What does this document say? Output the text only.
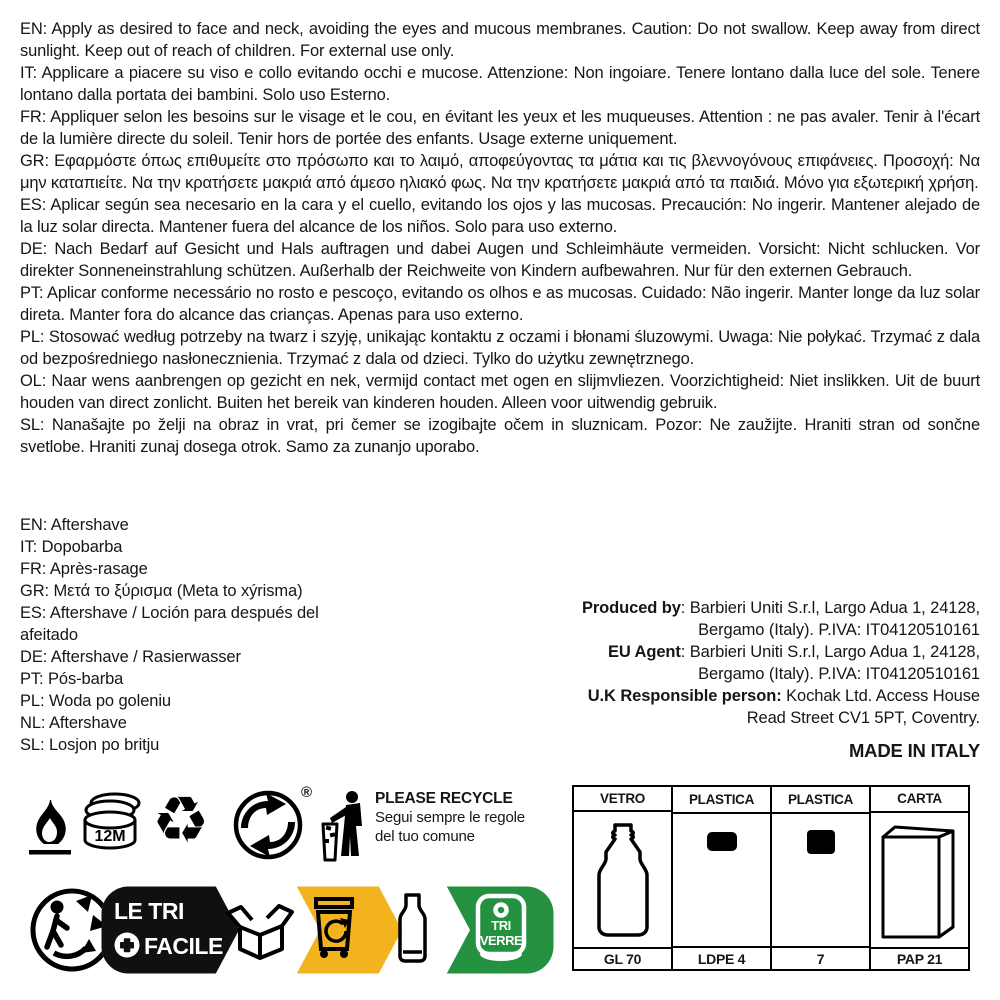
EN: Apply as desired to face and neck, avoiding the eyes and mucous membranes. Caution: Do not swallow. Keep away from direct sunlight. Keep out of reach of children. For external use only.

IT: Applicare a piacere su viso e collo evitando occhi e mucose. Attenzione: Non ingoiare. Tenere lontano dalla luce del sole. Tenere lontano dalla portata dei bambini. Solo uso Esterno.

FR: Appliquer selon les besoins sur le visage et le cou, en évitant les yeux et les muqueuses. Attention : ne pas avaler. Tenir à l'écart de la lumière directe du soleil. Tenir hors de portée des enfants. Usage externe uniquement.

GR: Εφαρμόστε όπως επιθυμείτε στο πρόσωπο και το λαιμό, αποφεύγοντας τα μάτια και τις βλεννογόνους επιφάνειες. Προσοχή: Να μην καταπιείτε. Να την κρατήσετε μακριά από άμεσο ηλιακό φως. Να την κρατήσετε μακριά από τα παιδιά. Μόνο για εξωτερική χρήση.

ES: Aplicar según sea necesario en la cara y el cuello, evitando los ojos y las mucosas. Precaución: No ingerir. Mantener alejado de la luz solar directa. Mantener fuera del alcance de los niños. Solo para uso externo.

DE: Nach Bedarf auf Gesicht und Hals auftragen und dabei Augen und Schleimhäute vermeiden. Vorsicht: Nicht schlucken. Vor direkter Sonneneinstrahlung schützen. Außerhalb der Reichweite von Kindern aufbewahren. Nur für den externen Gebrauch.

PT: Aplicar conforme necessário no rosto e pescoço, evitando os olhos e as mucosas. Cuidado: Não ingerir. Manter longe da luz solar direta. Manter fora do alcance das crianças. Apenas para uso externo.

PL: Stosować według potrzeby na twarz i szyję, unikając kontaktu z oczami i błonami śluzowymi. Uwaga: Nie połykać. Trzymać z dala od bezpośredniego nasłonecznienia. Trzymać z dala od dzieci. Tylko do użytku zewnętrznego.

OL: Naar wens aanbrengen op gezicht en nek, vermijd contact met ogen en slijmvliezen. Voorzichtigheid: Niet inslikken. Uit de buurt houden van direct zonlicht. Buiten het bereik van kinderen houden. Alleen voor uitwendig gebruik.

SL: Nanašajte po želji na obraz in vrat, pri čemer se izogibajte očem in sluznicam. Pozor: Ne zaužijte. Hraniti stran od sončne svetlobe. Hraniti zunaj dosega otrok. Samo za zunanjo uporabo.

EN: Aftershave
IT: Dopobarba
FR: Après-rasage
GR: Μετά το ξύρισμα (Meta to xýrisma)
ES: Aftershave / Loción para después del afeitado
DE: Aftershave / Rasierwasser
PT: Pós-barba
PL: Woda po goleniu
NL: Aftershave
SL: Losjon po britju
Produced by: Barbieri Uniti S.r.l, Largo Adua 1, 24128,
Bergamo (Italy). P.IVA: IT04120510161
EU Agent: Barbieri Uniti S.r.l, Largo Adua 1, 24128,
Bergamo (Italy). P.IVA: IT04120510161
U.K Responsible person: Kochak Ltd. Access House
Read Street CV1 5PT, Coventry.
MADE IN ITALY
12M ♻	®	PLEASE RECYCLE
Segui sempre le regole
del tuo comune
LE TRI
FACILE
TRI
VERRE
VETRO
GL 70
PLASTICA
LDPE 4
PLASTICA
7
CARTA
PAP 21
